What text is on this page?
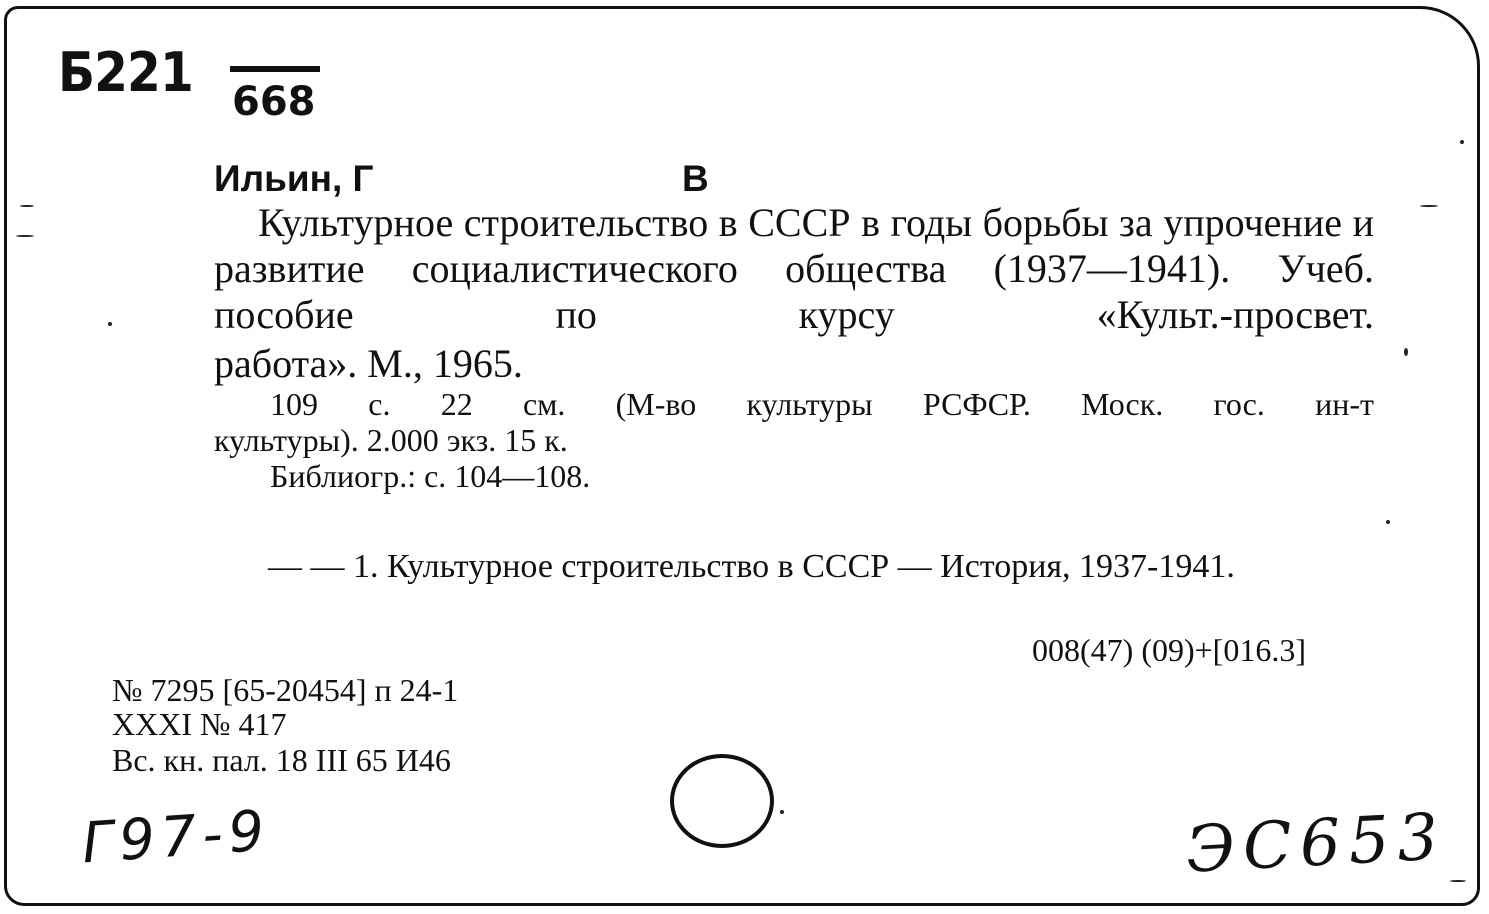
Б221 668
Ильин, Г	В
Культурное строительство в СССР в годы борьбы за упрочение и развитие социалистического общества (1937—1941). Учеб. пособие по курсу «Культ.-просвет.
работа». М., 1965.
109 с. 22 см. (М-во культуры РСФСР. Моск. гос. ин-т
культуры). 2.000 экз. 15 к.
Библиогр.: с. 104—108.
— — 1. Культурное строительство в СССР — История, 1937-1941.
008(47) (09)+[016.3]
№ 7295 [65-20454] п 24-1
XXXI № 417
Вс. кн. пал. 18 III 65 И46
Г97-9	ЭС653
